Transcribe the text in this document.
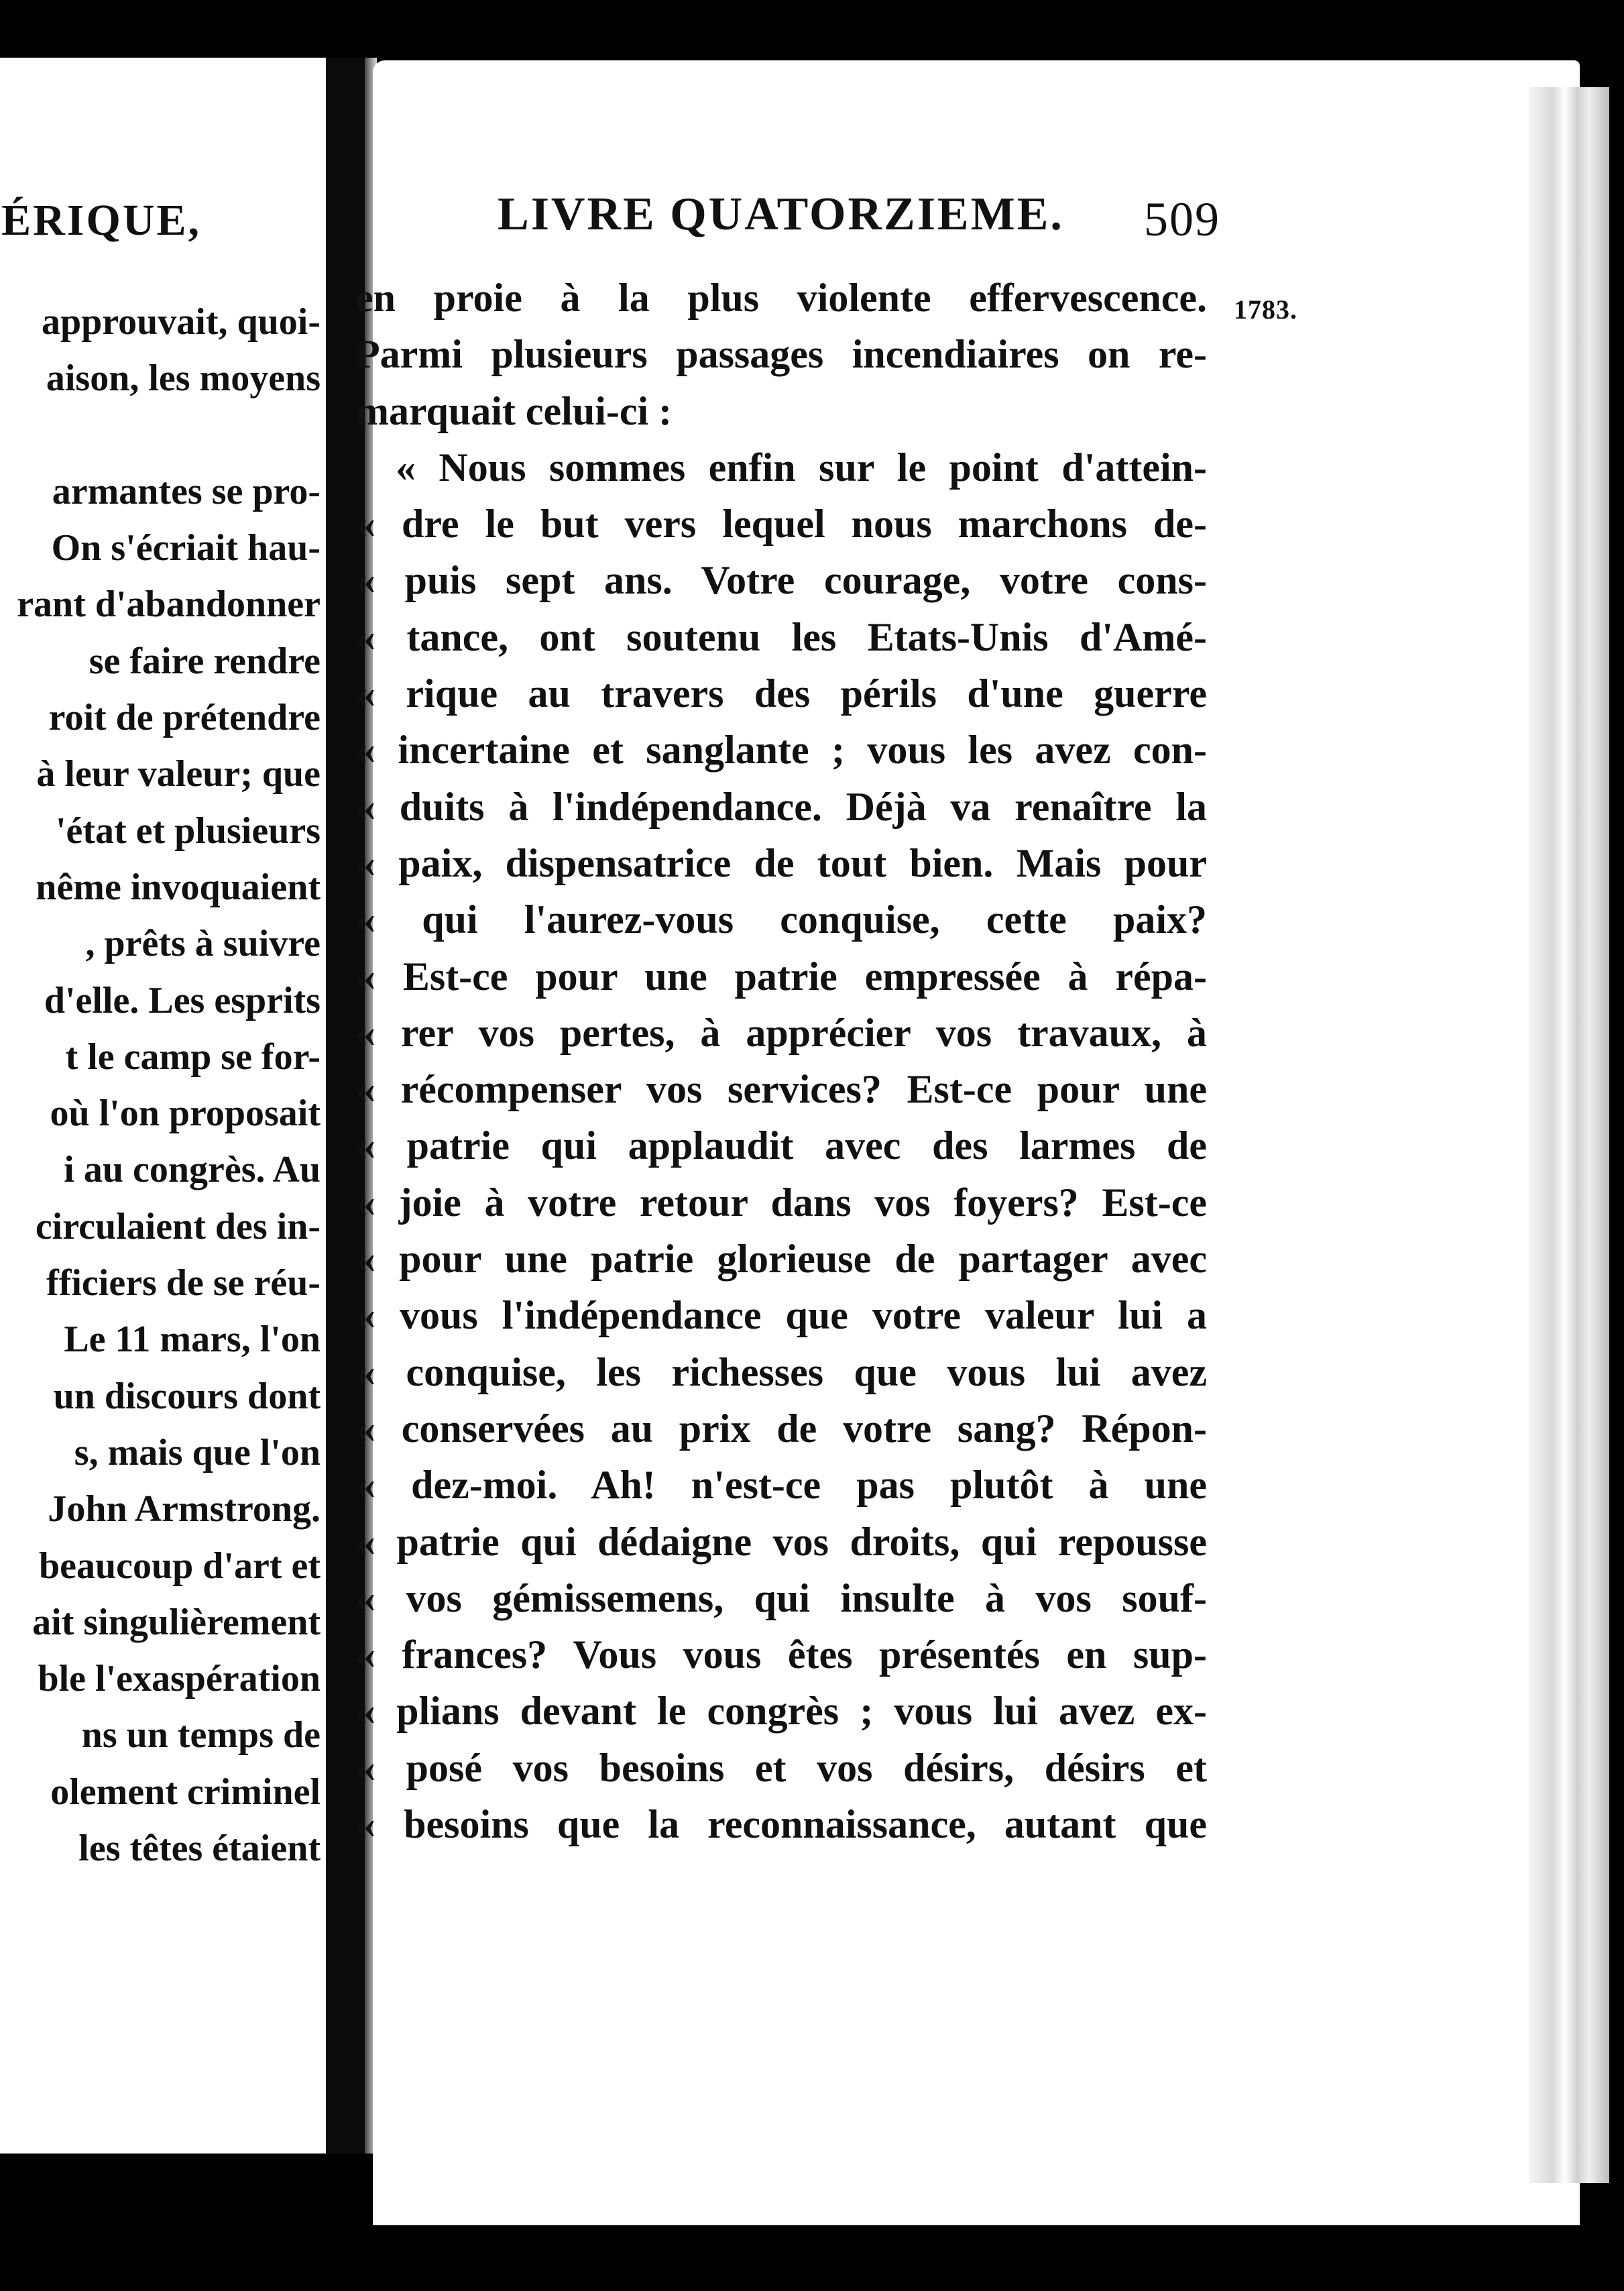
ÉRIQUE,
approuvait, quoi-
aison, les moyens
armantes se pro-
On s'écriait hau-
rant d'abandonner
se faire rendre
roit de prétendre
à leur valeur; que
'état et plusieurs
nême invoquaient
, prêts à suivre
d'elle. Les esprits
t le camp se for-
où l'on proposait
i au congrès. Au
circulaient des in-
fficiers de se réu-
Le 11 mars, l'on
un discours dont
s, mais que l'on
John Armstrong.
beaucoup d'art et
ait singulièrement
ble l'exaspération
ns un temps de
olement criminel
les têtes étaient
LIVRE QUATORZIEME.	509
1783.
en proie à la plus violente effervescence.
Parmi plusieurs passages incendiaires on re-
marquait celui-ci :
« Nous sommes enfin sur le point d'attein-
« dre le but vers lequel nous marchons de-
« puis sept ans. Votre courage, votre cons-
« tance, ont soutenu les Etats-Unis d'Amé-
« rique au travers des périls d'une guerre
« incertaine et sanglante ; vous les avez con-
« duits à l'indépendance. Déjà va renaître la
« paix, dispensatrice de tout bien. Mais pour
« qui l'aurez-vous conquise, cette paix?
« Est-ce pour une patrie empressée à répa-
« rer vos pertes, à apprécier vos travaux, à
« récompenser vos services? Est-ce pour une
« patrie qui applaudit avec des larmes de
« joie à votre retour dans vos foyers? Est-ce
« pour une patrie glorieuse de partager avec
« vous l'indépendance que votre valeur lui a
« conquise, les richesses que vous lui avez
« conservées au prix de votre sang? Répon-
« dez-moi. Ah! n'est-ce pas plutôt à une
« patrie qui dédaigne vos droits, qui repousse
« vos gémissemens, qui insulte à vos souf-
« frances? Vous vous êtes présentés en sup-
« plians devant le congrès ; vous lui avez ex-
« posé vos besoins et vos désirs, désirs et
« besoins que la reconnaissance, autant que
